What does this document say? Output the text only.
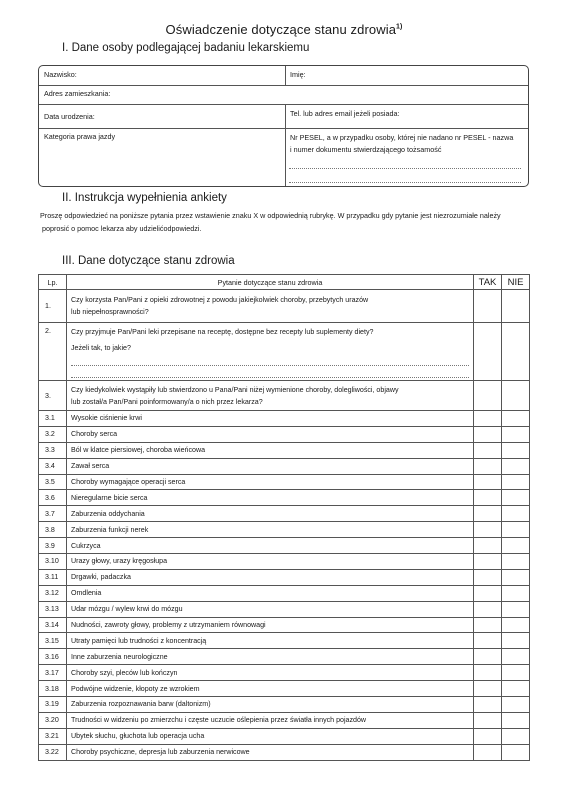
Oświadczenie dotyczące stanu zdrowia$^{1)}$
I. Dane osoby podlegającej badaniu lekarskiemu
Nazwisko:	Imię:
Adres zamieszkania:
Data urodzenia:	Tel. lub adres email jeżeli posiada:
Kategoria prawa jazdy	Nr PESEL, a w przypadku osoby, której nie nadano nr PESEL - nazwa
i numer dokumentu stwierdzającego tożsamość
II. Instrukcja wypełnienia ankiety
Proszę odpowiedzieć na poniższe pytania przez wstawienie znaku X w odpowiednią rubrykę. W przypadku gdy pytanie jest niezrozumiałe należy
poprosić o pomoc lekarza aby udzielićodpowiedzi.
III. Dane dotyczące stanu zdrowia
Lp.	Pytanie dotyczące stanu zdrowia	TAK	NIE
1.	Czy korzysta Pan/Pani z opieki zdrowotnej z powodu jakiejkolwiek choroby, przebytych urazów
lub niepełnosprawności?		

2.	Czy przyjmuje Pan/Pani leki przepisane na receptę, dostępne bez recepty lub suplementy diety?
Jeżeli tak, to jakie?		

3.	Czy kiedykolwiek wystąpiły lub stwierdzono u Pana/Pani niżej wymienione choroby, dolegliwości, objawy
lub został/a Pan/Pani poinformowany/a o nich przez lekarza?		

3.1	Wysokie ciśnienie krwi		
3.2	Choroby serca		
3.3	Ból w klatce piersiowej, choroba wieńcowa		
3.4	Zawał serca		
3.5	Choroby wymagające operacji serca		
3.6	Nieregularne bicie serca		
3.7	Zaburzenia oddychania		
3.8	Zaburzenia funkcji nerek		
3.9	Cukrzyca		
3.10	Urazy głowy, urazy kręgosłupa		
3.11	Drgawki, padaczka		
3.12	Omdlenia		
3.13	Udar mózgu / wylew krwi do mózgu		
3.14	Nudności, zawroty głowy, problemy z utrzymaniem równowagi		
3.15	Utraty pamięci lub trudności z koncentracją		
3.16	Inne zaburzenia neurologiczne		
3.17	Choroby szyi, pleców lub kończyn		
3.18	Podwójne widzenie, kłopoty ze wzrokiem		
3.19	Zaburzenia rozpoznawania barw (daltonizm)		
3.20	Trudności w widzeniu po zmierzchu i częste uczucie oślepienia przez światła innych pojazdów		
3.21	Ubytek słuchu, głuchota lub operacja ucha		
3.22	Choroby psychiczne, depresja lub zaburzenia nerwicowe		
